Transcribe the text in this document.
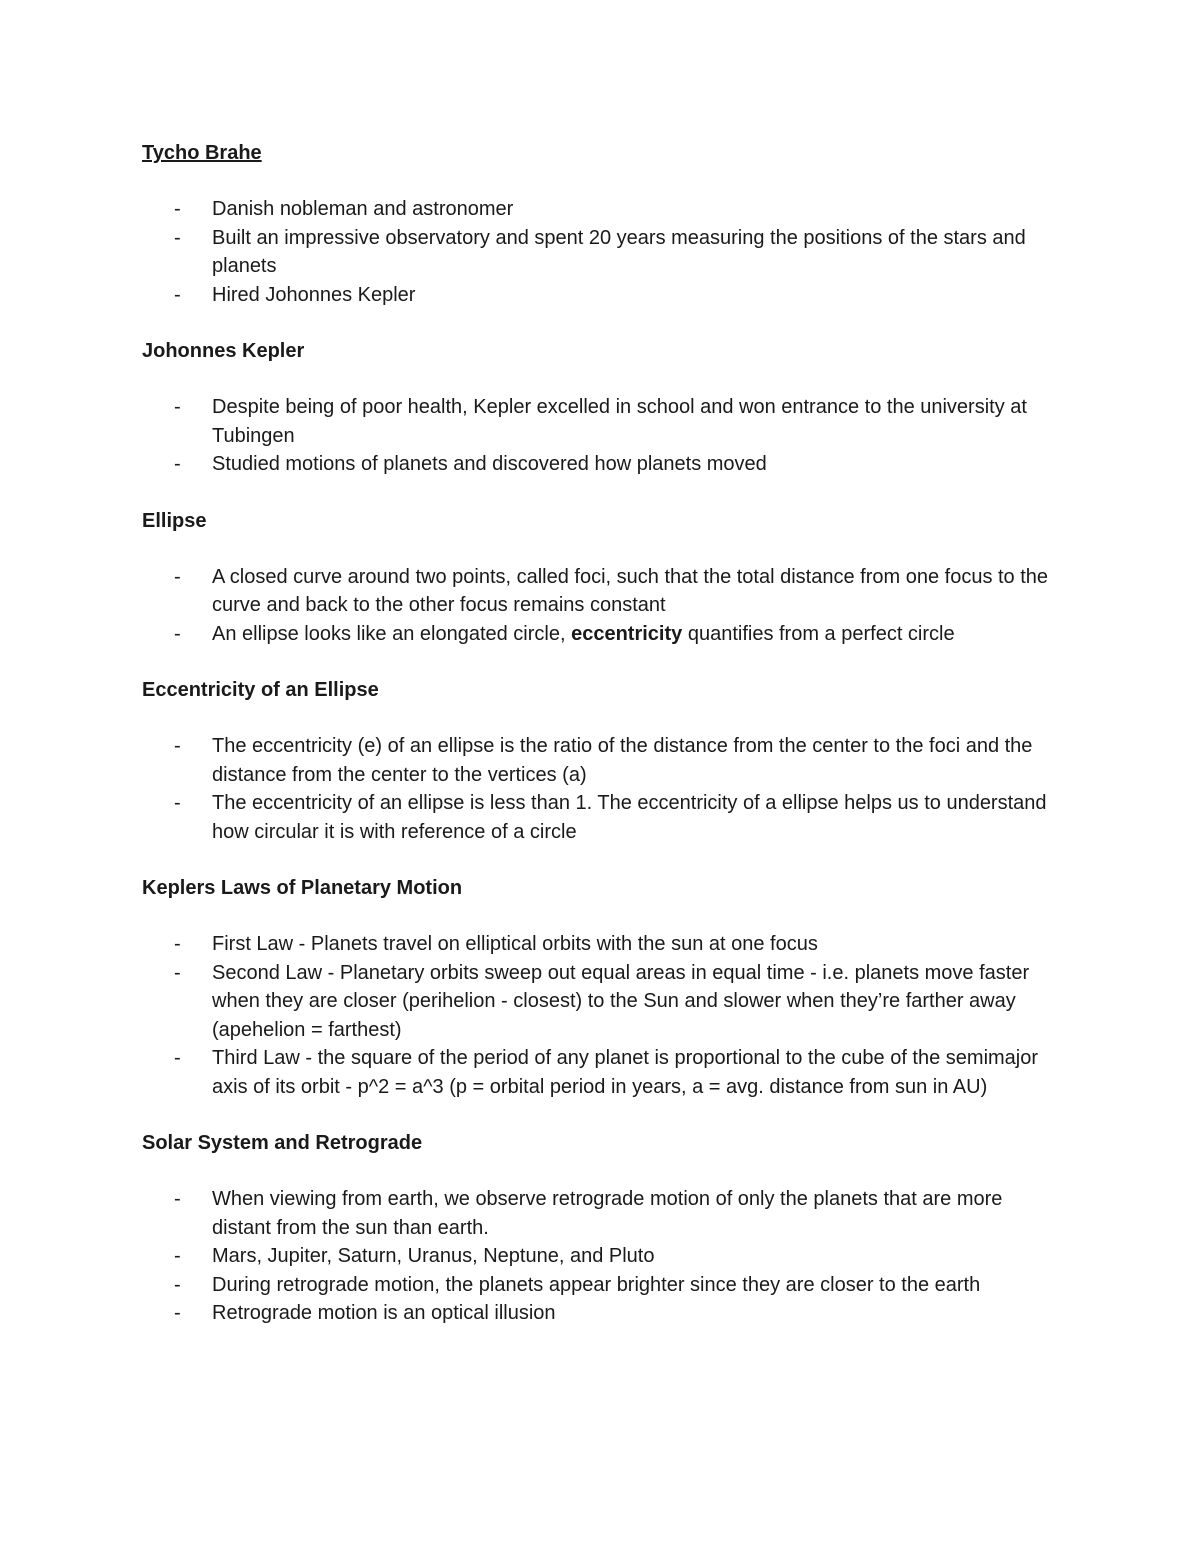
Tycho Brahe
- Danish nobleman and astronomer
- Built an impressive observatory and spent 20 years measuring the positions of the stars and planets
- Hired Johonnes Kepler
Johonnes Kepler
- Despite being of poor health, Kepler excelled in school and won entrance to the university at Tubingen
- Studied motions of planets and discovered how planets moved
Ellipse
- A closed curve around two points, called foci, such that the total distance from one focus to the curve and back to the other focus remains constant
- An ellipse looks like an elongated circle, eccentricity quantifies from a perfect circle
Eccentricity of an Ellipse
- The eccentricity (e) of an ellipse is the ratio of the distance from the center to the foci and the distance from the center to the vertices (a)
- The eccentricity of an ellipse is less than 1. The eccentricity of a ellipse helps us to understand how circular it is with reference of a circle
Keplers Laws of Planetary Motion
- First Law - Planets travel on elliptical orbits with the sun at one focus
- Second Law - Planetary orbits sweep out equal areas in equal time - i.e. planets move faster when they are closer (perihelion - closest) to the Sun and slower when they’re farther away (apehelion = farthest)
- Third Law - the square of the period of any planet is proportional to the cube of the semimajor axis of its orbit - p^2 = a^3 (p = orbital period in years, a = avg. distance from sun in AU)
Solar System and Retrograde
- When viewing from earth, we observe retrograde motion of only the planets that are more distant from the sun than earth.
- Mars, Jupiter, Saturn, Uranus, Neptune, and Pluto
- During retrograde motion, the planets appear brighter since they are closer to the earth
- Retrograde motion is an optical illusion
